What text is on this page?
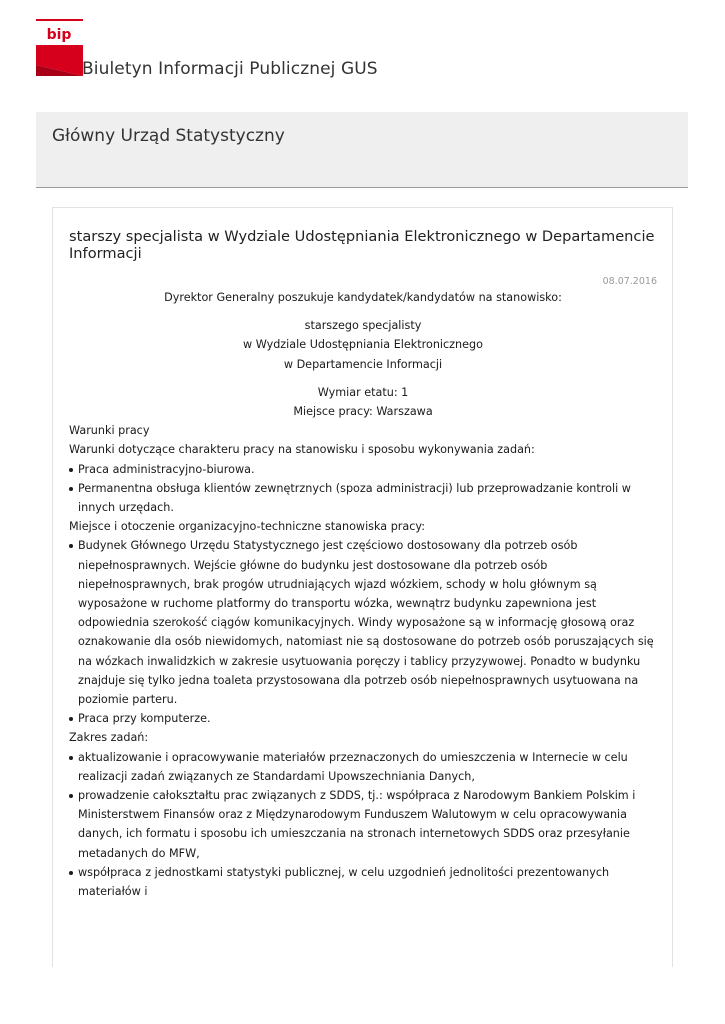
bip
Biuletyn Informacji Publicznej GUS
Główny Urząd Statystyczny
starszy specjalista w Wydziale Udostępniania Elektronicznego w Departamencie Informacji
08.07.2016

Dyrektor Generalny poszukuje kandydatek/kandydatów na stanowisko:

starszego specjalisty

w Wydziale Udostępniania Elektronicznego

w Departamencie Informacji

Wymiar etatu: 1

Miejsce pracy: Warszawa

Warunki pracy

Warunki dotyczące charakteru pracy na stanowisku i sposobu wykonywania zadań:

Praca administracyjno-biurowa.
Permanentna obsługa klientów zewnętrznych (spoza administracji) lub przeprowadzanie kontroli w innych urzędach.

Miejsce i otoczenie organizacyjno-techniczne stanowiska pracy:

Budynek Głównego Urzędu Statystycznego jest częściowo dostosowany dla potrzeb osób niepełnosprawnych. Wejście główne do budynku jest dostosowane dla potrzeb osób niepełnosprawnych, brak progów utrudniających wjazd wózkiem, schody w holu głównym są wyposażone w ruchome platformy do transportu wózka, wewnątrz budynku zapewniona jest odpowiednia szerokość ciągów komunikacyjnych. Windy wyposażone są w informację głosową oraz oznakowanie dla osób niewidomych, natomiast nie są dostosowane do potrzeb osób poruszających się na wózkach inwalidzkich w zakresie usytuowania poręczy i tablicy przyzywowej. Ponadto w budynku znajduje się tylko jedna toaleta przystosowana dla potrzeb osób niepełnosprawnych usytuowana na poziomie parteru.
Praca przy komputerze.

Zakres zadań:

aktualizowanie i opracowywanie materiałów przeznaczonych do umieszczenia w Internecie w celu realizacji zadań związanych ze Standardami Upowszechniania Danych,
prowadzenie całokształtu prac związanych z SDDS, tj.: współpraca z Narodowym Bankiem Polskim i Ministerstwem Finansów oraz z Międzynarodowym Funduszem Walutowym w celu opracowywania danych, ich formatu i sposobu ich umieszczania na stronach internetowych SDDS oraz przesyłanie metadanych do MFW,
współpraca z jednostkami statystyki publicznej, w celu uzgodnień jednolitości prezentowanych materiałów i
